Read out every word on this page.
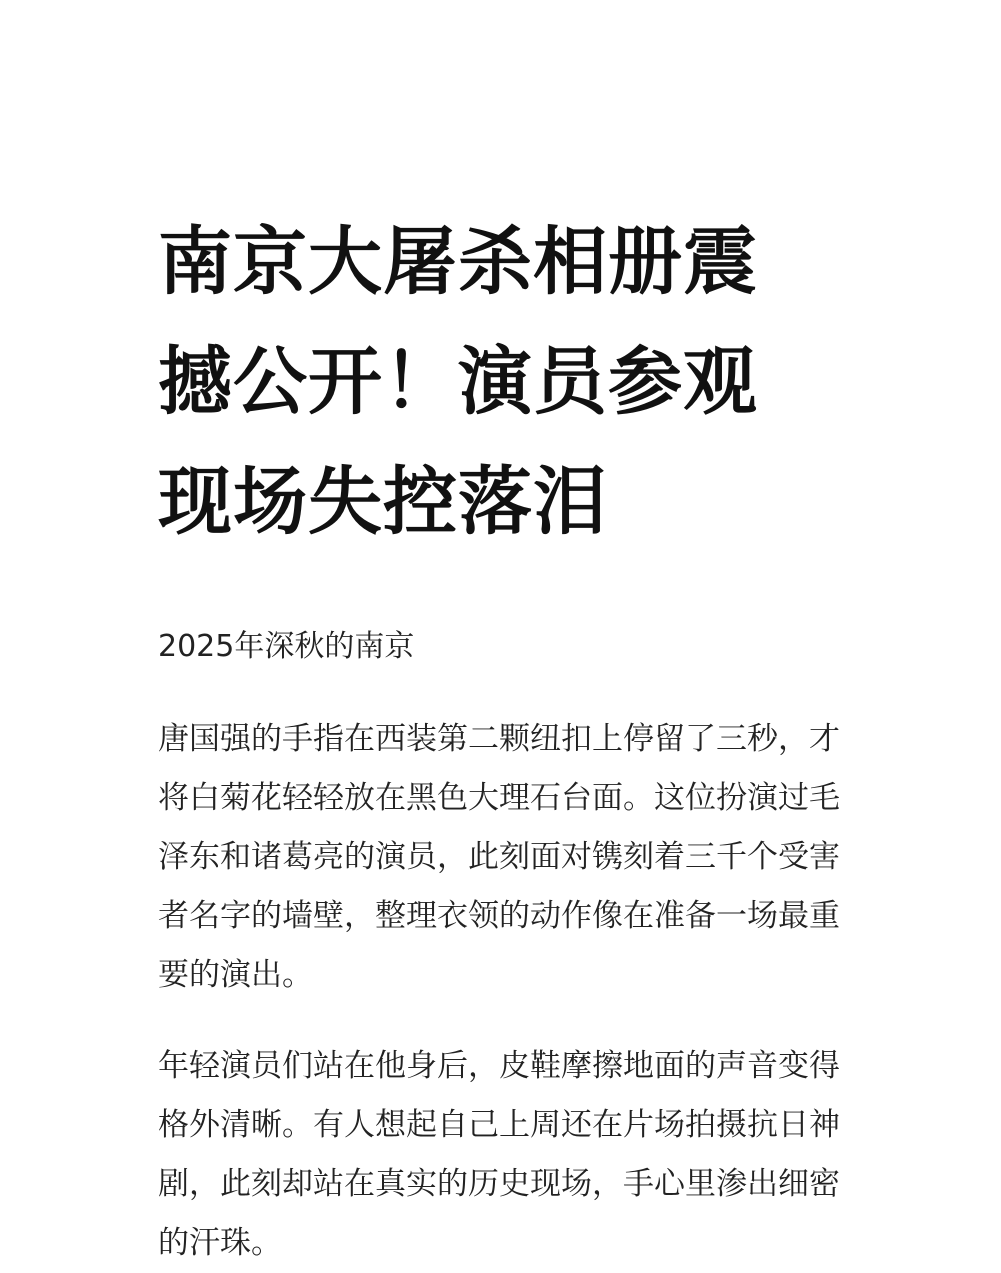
南京大屠杀相册震
撼公开！演员参观
现场失控落泪
2025年深秋的南京
唐国强的手指在西装第二颗纽扣上停留了三秒，才
将白菊花轻轻放在黑色大理石台面。这位扮演过毛
泽东和诸葛亮的演员，此刻面对镌刻着三千个受害
者名字的墙壁，整理衣领的动作像在准备一场最重
要的演出。
年轻演员们站在他身后，皮鞋摩擦地面的声音变得
格外清晰。有人想起自己上周还在片场拍摄抗日神
剧，此刻却站在真实的历史现场，手心里渗出细密
的汗珠。
